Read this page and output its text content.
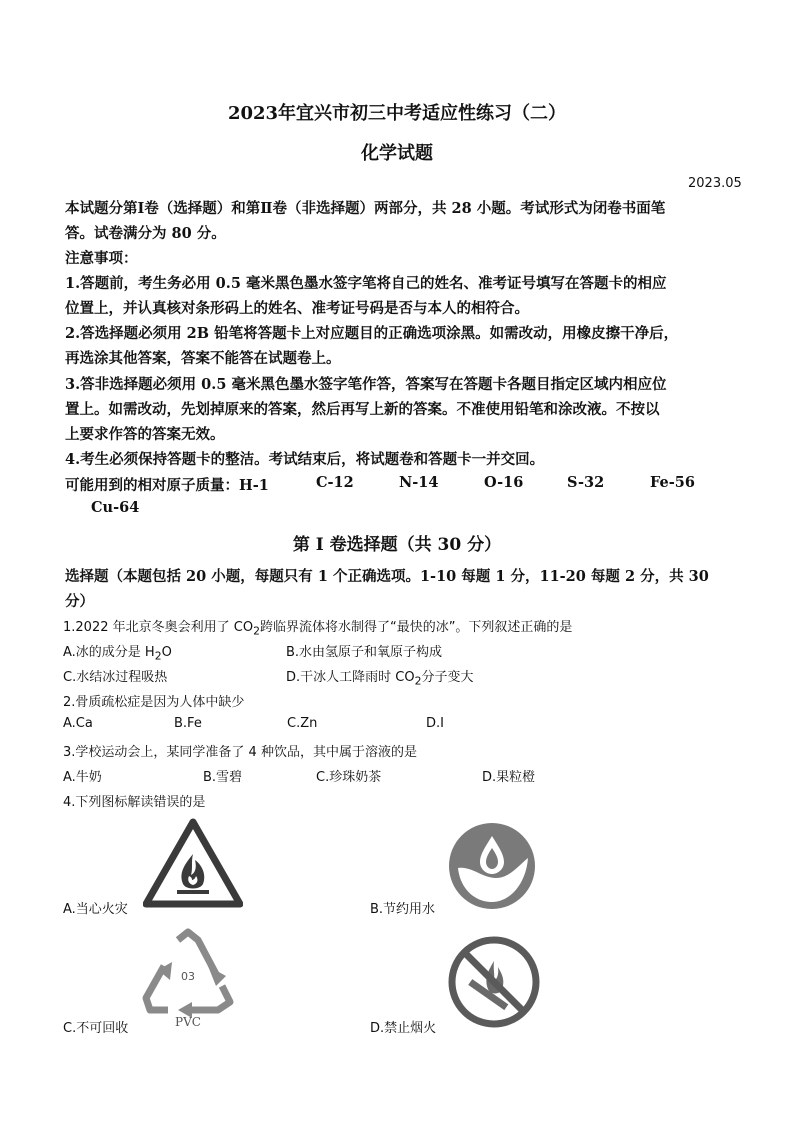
2023年宜兴市初三中考适应性练习（二）
化学试题
2023.05
本试题分第Ⅰ卷（选择题）和第Ⅱ卷（非选择题）两部分，共 28 小题。考试形式为闭卷书面笔
答。试卷满分为 80 分。
注意事项：
1.答题前，考生务必用 0.5 毫米黑色墨水签字笔将自己的姓名、准考证号填写在答题卡的相应
位置上，并认真核对条形码上的姓名、准考证号码是否与本人的相符合。
2.答选择题必须用 2B 铅笔将答题卡上对应题目的正确选项涂黑。如需改动，用橡皮擦干净后，
再选涂其他答案，答案不能答在试题卷上。
3.答非选择题必须用 0.5 毫米黑色墨水签字笔作答，答案写在答题卡各题目指定区域内相应位
置上。如需改动，先划掉原来的答案，然后再写上新的答案。不准使用铅笔和涂改液。不按以
上要求作答的答案无效。
4.考生必须保持答题卡的整洁。考试结束后，将试题卷和答题卡一并交回。
可能用到的相对原子质量：H-1	C-12	N-14	O-16	S-32	Fe-56
Cu-64
第 I 卷选择题（共 30 分）
选择题（本题包括 20 小题，每题只有 1 个正确选项。1-10 每题 1 分，11-20 每题 2 分，共 30
分）
1.2022 年北京冬奥会利用了 $CO_2$跨临界流体将水制得了“最快的冰”。下列叙述正确的是
A.冰的成分是 $H_2O$	B.水由氢原子和氧原子构成
C.水结冰过程吸热	D.干冰人工降雨时 $CO_2$分子变大
2.骨质疏松症是因为人体中缺少
A.Ca	B.Fe	C.Zn	D.I
3.学校运动会上，某同学准备了 4 种饮品，其中属于溶液的是
A.牛奶	B.雪碧	C.珍珠奶茶	D.果粒橙
4.下列图标解读错误的是
A.当心火灾	B.节约用水
03
PVC
C.不可回收	D.禁止烟火
